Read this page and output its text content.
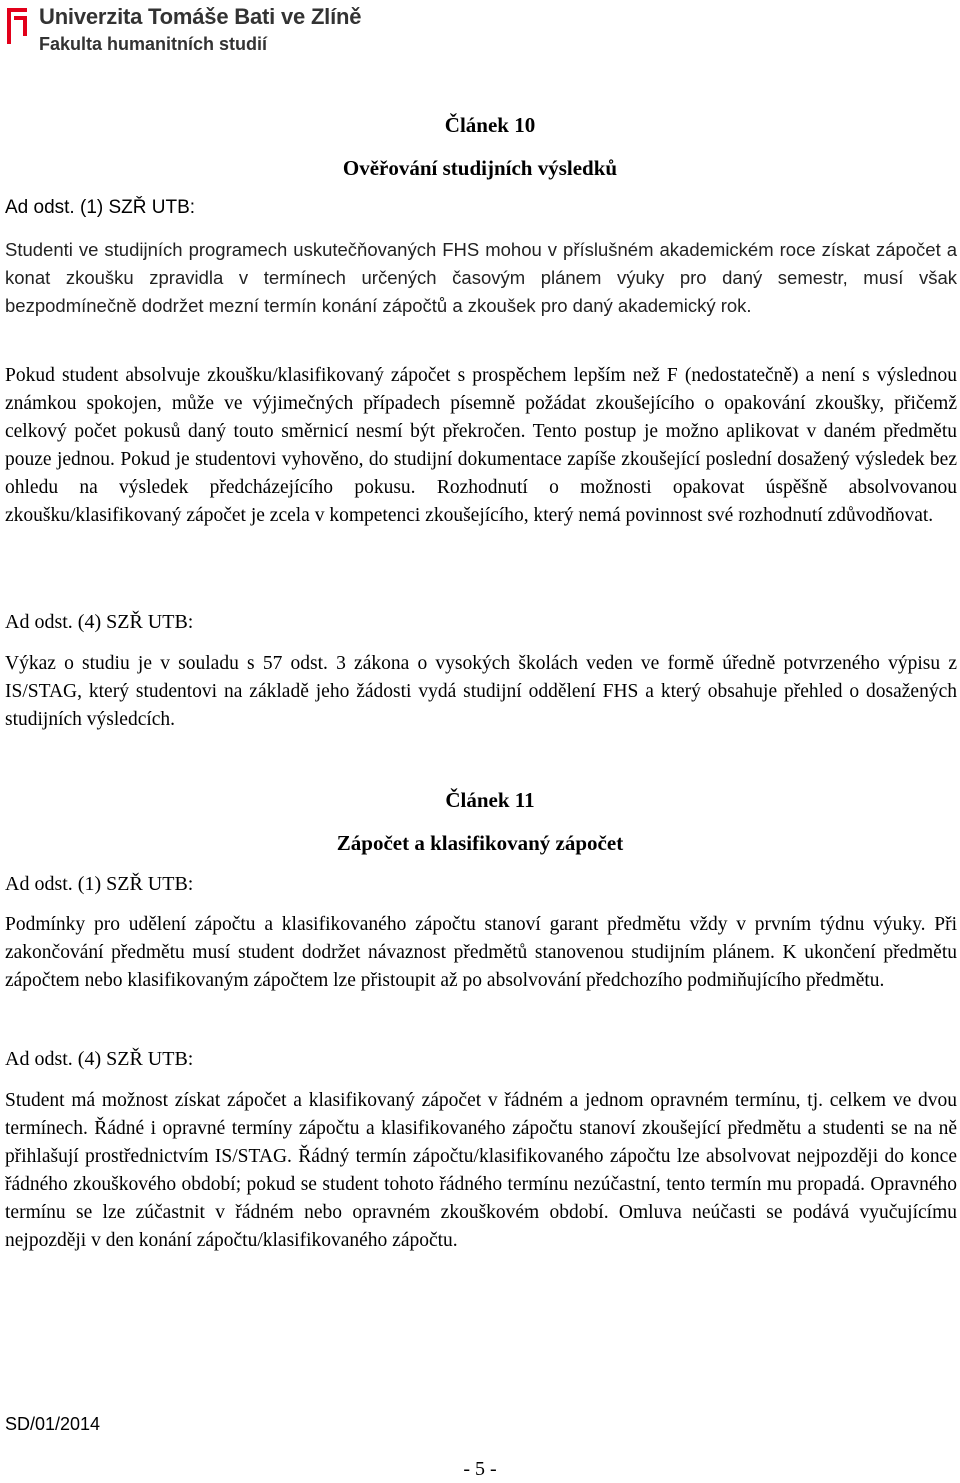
Univerzita Tomáše Bati ve Zlíně
Fakulta humanitních studií
Článek 10
Ověřování studijních výsledků
Ad odst. (1) SZŘ UTB:

Studenti ve studijních programech uskutečňovaných FHS mohou v příslušném akademickém roce získat zápočet a konat zkoušku zpravidla v termínech určených časovým plánem výuky pro daný semestr, musí však bezpodmínečně dodržet mezní termín konání zápočtů a zkoušek pro daný akademický rok.

Pokud student absolvuje zkoušku/klasifikovaný zápočet s prospěchem lepším než F (nedostatečně) a není s výslednou známkou spokojen, může ve výjimečných případech písemně požádat zkoušejícího o opakování zkoušky, přičemž celkový počet pokusů daný touto směrnicí nesmí být překročen. Tento postup je možno aplikovat v daném předmětu pouze jednou. Pokud je studentovi vyhověno, do studijní dokumentace zapíše zkoušející poslední dosažený výsledek bez ohledu na výsledek předcházejícího pokusu. Rozhodnutí o možnosti opakovat úspěšně absolvovanou zkoušku/klasifikovaný zápočet je zcela v kompetenci zkoušejícího, který nemá povinnost své rozhodnutí zdůvodňovat.

Ad odst. (4) SZŘ UTB:

Výkaz o studiu je v souladu s 57 odst. 3 zákona o vysokých školách veden ve formě úředně potvrzeného výpisu z IS/STAG, který studentovi na základě jeho žádosti vydá studijní oddělení FHS a který obsahuje přehled o dosažených studijních výsledcích.

Článek 11
Zápočet a klasifikovaný zápočet
Ad odst. (1) SZŘ UTB:

Podmínky pro udělení zápočtu a klasifikovaného zápočtu stanoví garant předmětu vždy v prvním týdnu výuky. Při zakončování předmětu musí student dodržet návaznost předmětů stanovenou studijním plánem. K ukončení předmětu zápočtem nebo klasifikovaným zápočtem lze přistoupit až po absolvování předchozího podmiňujícího předmětu.

Ad odst. (4) SZŘ UTB:

Student má možnost získat zápočet a klasifikovaný zápočet v řádném a jednom opravném termínu, tj. celkem ve dvou termínech. Řádné i opravné termíny zápočtu a klasifikovaného zápočtu stanoví zkoušející předmětu a studenti se na ně přihlašují prostřednictvím IS/STAG. Řádný termín zápočtu/klasifikovaného zápočtu lze absolvovat nejpozději do konce řádného zkouškového období; pokud se student tohoto řádného termínu nezúčastní, tento termín mu propadá. Opravného termínu se lze zúčastnit v řádném nebo opravném zkouškovém období. Omluva neúčasti se podává vyučujícímu nejpozději v den konání zápočtu/klasifikovaného zápočtu.

SD/01/2014
- 5 -
